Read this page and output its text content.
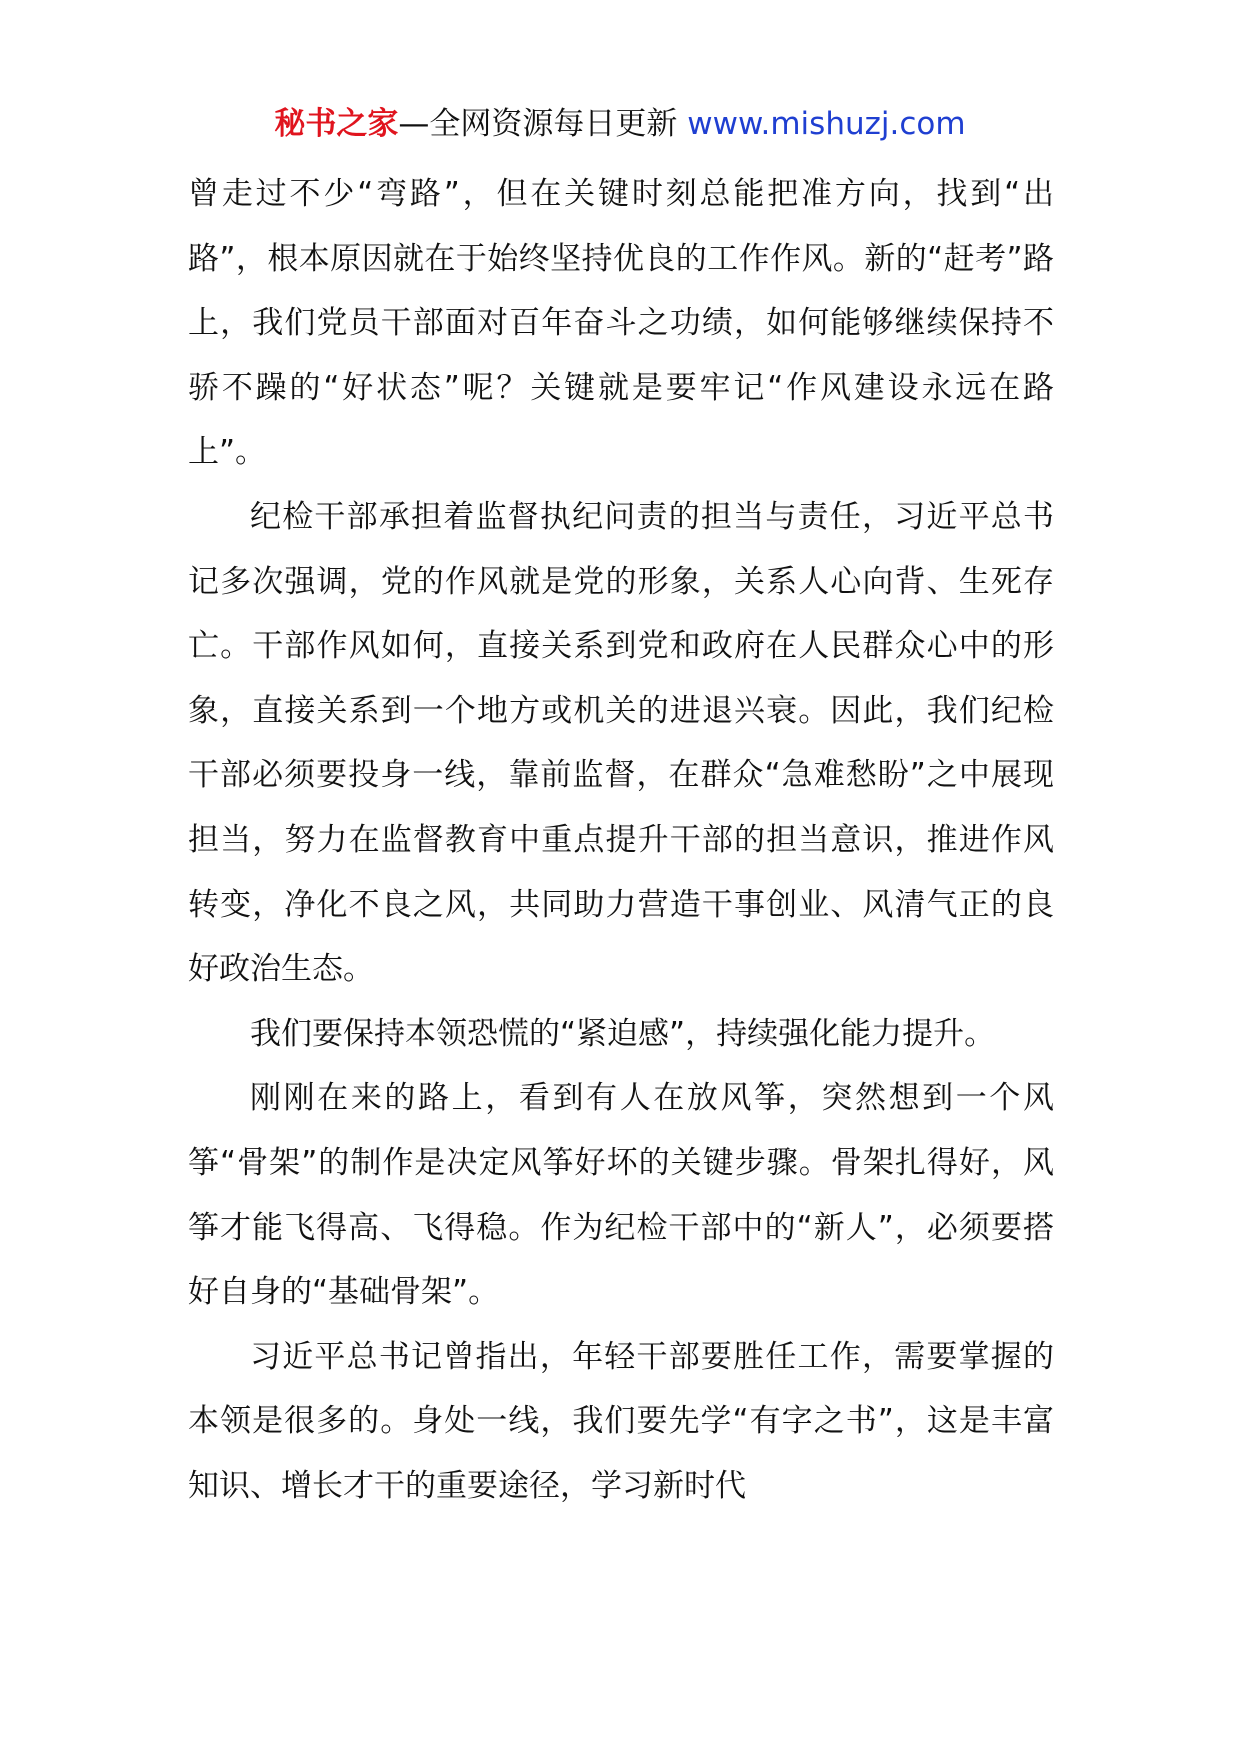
秘书之家—全网资源每日更新 www.mishuzj.com

曾走过不少“弯路”，但在关键时刻总能把准方向，找到“出路”，根本原因就在于始终坚持优良的工作作风。新的“赶考”路上，我们党员干部面对百年奋斗之功绩，如何能够继续保持不骄不躁的“好状态”呢？关键就是要牢记“作风建设永远在路上”。

纪检干部承担着监督执纪问责的担当与责任，习近平总书记多次强调，党的作风就是党的形象，关系人心向背、生死存亡。干部作风如何，直接关系到党和政府在人民群众心中的形象，直接关系到一个地方或机关的进退兴衰。因此，我们纪检干部必须要投身一线，靠前监督，在群众“急难愁盼”之中展现担当，努力在监督教育中重点提升干部的担当意识，推进作风转变，净化不良之风，共同助力营造干事创业、风清气正的良好政治生态。

我们要保持本领恐慌的“紧迫感”，持续强化能力提升。

刚刚在来的路上，看到有人在放风筝，突然想到一个风筝“骨架”的制作是决定风筝好坏的关键步骤。骨架扎得好，风筝才能飞得高、飞得稳。作为纪检干部中的“新人”，必须要搭好自身的“基础骨架”。

习近平总书记曾指出，年轻干部要胜任工作，需要掌握的本领是很多的。身处一线，我们要先学“有字之书”，这是丰富知识、增长才干的重要途径，学习新时代
